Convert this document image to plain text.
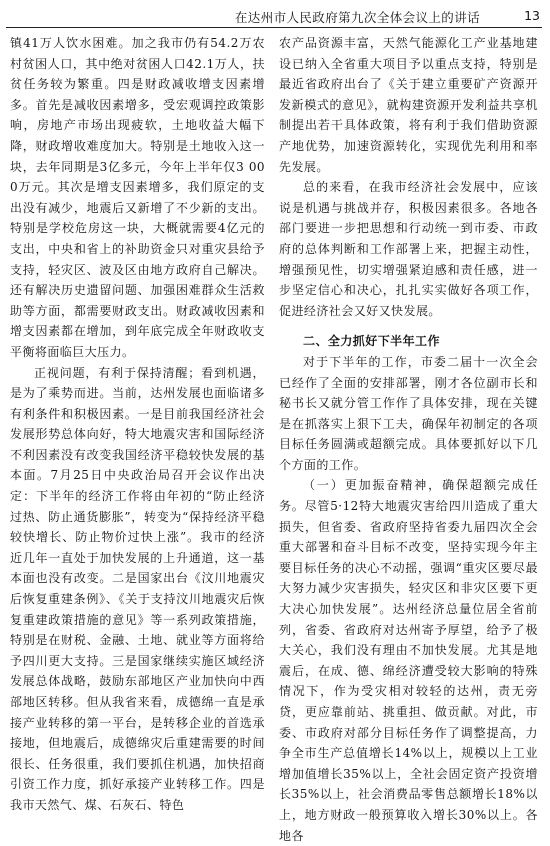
在达州市人民政府第九次全体会议上的讲话	13

镇41万人饮水困难。加之我市仍有54.2万农村贫困人口，其中绝对贫困人口42.1万人，扶贫任务较为繁重。四是财政减收增支因素增多。首先是减收因素增多，受宏观调控政策影响，房地产市场出现疲软，土地收益大幅下降，财政增收难度加大。特别是土地收入这一块，去年同期是3亿多元，今年上半年仅3 000万元。其次是增支因素增多，我们原定的支出没有减少，地震后又新增了不少新的支出。特别是学校危房这一块，大概就需要4亿元的支出，中央和省上的补助资金只对重灾县给予支持，轻灾区、波及区由地方政府自己解决。还有解决历史遗留问题、加强困难群众生活救助等方面，都需要财政支出。财政减收因素和增支因素都在增加，到年底完成全年财政收支平衡将面临巨大压力。

正视问题，有利于保持清醒；看到机遇，是为了乘势而进。当前，达州发展也面临诸多有利条件和积极因素。一是目前我国经济社会发展形势总体向好，特大地震灾害和国际经济不利因素没有改变我国经济平稳较快发展的基本面。7月25日中央政治局召开会议作出决定：下半年的经济工作将由年初的“防止经济过热、防止通货膨胀”，转变为“保持经济平稳较快增长、防止物价过快上涨”。我市的经济近几年一直处于加快发展的上升通道，这一基本面也没有改变。二是国家出台《汶川地震灾后恢复重建条例》、《关于支持汶川地震灾后恢复重建政策措施的意见》等一系列政策措施，特别是在财税、金融、土地、就业等方面将给予四川更大支持。三是国家继续实施区域经济发展总体战略，鼓励东部地区产业加快向中西部地区转移。但从我省来看，成德绵一直是承接产业转移的第一平台，是转移企业的首选承接地，但地震后，成德绵灾后重建需要的时间很长、任务很重，我们要抓住机遇，加快招商引资工作力度，抓好承接产业转移工作。四是我市天然气、煤、石灰石、特色

农产品资源丰富，天然气能源化工产业基地建设已纳入全省重大项目予以重点支持，特别是最近省政府出台了《关于建立重要矿产资源开发新模式的意见》，就构建资源开发利益共享机制提出若干具体政策，将有利于我们借助资源产地优势，加速资源转化，实现优先利用和率先发展。

总的来看，在我市经济社会发展中，应该说是机遇与挑战并存，积极因素很多。各地各部门要进一步把思想和行动统一到市委、市政府的总体判断和工作部署上来，把握主动性，增强预见性，切实增强紧迫感和责任感，进一步坚定信心和决心，扎扎实实做好各项工作，促进经济社会又好又快发展。

二、全力抓好下半年工作

对于下半年的工作，市委二届十一次全会已经作了全面的安排部署，刚才各位副市长和秘书长又就分管工作作了具体安排，现在关键是在抓落实上狠下工夫，确保年初制定的各项目标任务圆满或超额完成。具体要抓好以下几个方面的工作。

（一）更加振奋精神，确保超额完成任务。尽管5·12特大地震灾害给四川造成了重大损失，但省委、省政府坚持省委九届四次全会重大部署和奋斗目标不改变，坚持实现今年主要目标任务的决心不动摇，强调“重灾区要尽最大努力减少灾害损失，轻灾区和非灾区要下更大决心加快发展”。达州经济总量位居全省前列，省委、省政府对达州寄予厚望，给予了极大关心，我们没有理由不加快发展。尤其是地震后，在成、德、绵经济遭受较大影响的特殊情况下，作为受灾相对较轻的达州，责无旁贷，更应靠前站、挑重担、做贡献。对此，市委、市政府对部分目标任务作了调整提高，力争全市生产总值增长14%以上，规模以上工业增加值增长35%以上，全社会固定资产投资增长35%以上，社会消费品零售总额增长18%以上，地方财政一般预算收入增长30%以上。各地各
